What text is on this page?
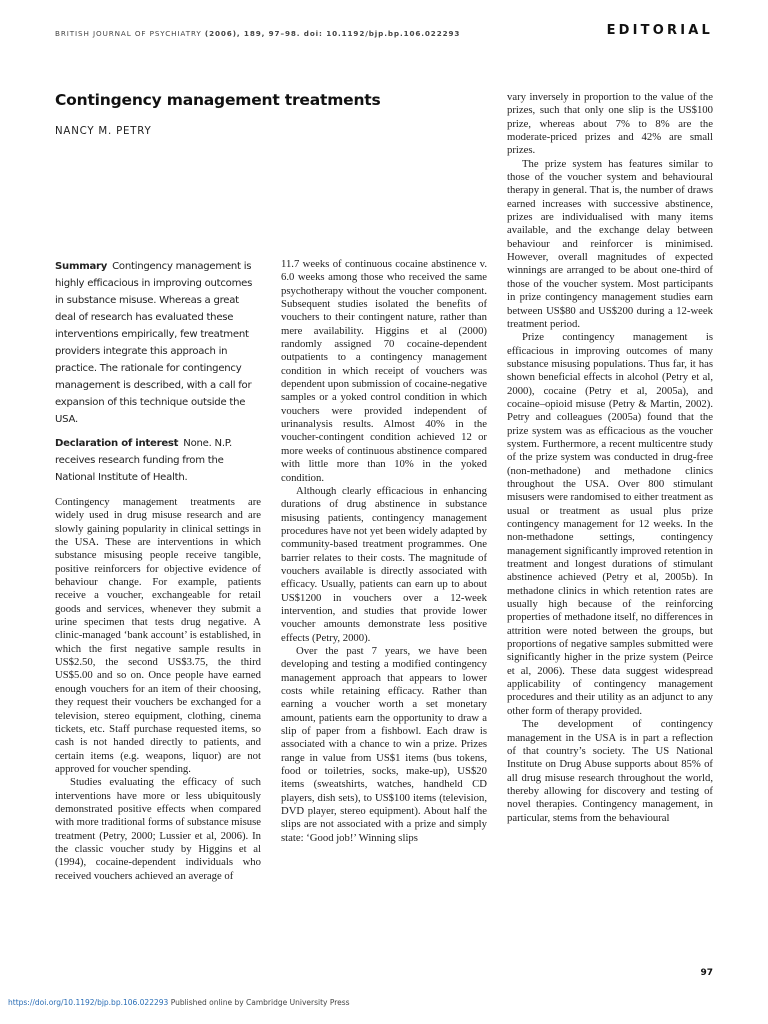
BRITISH JOURNAL OF PSYCHIATRY (2006), 189, 97–98. doi: 10.1192/bjp.bp.106.022293	EDITORIAL
Contingency management treatments
NANCY M. PETRY
Summary Contingency management is highly efficacious in improving outcomes in substance misuse. Whereas a great deal of research has evaluated these interventions empirically, few treatment providers integrate this approach in practice. The rationale for contingency management is described, with a call for expansion of this technique outside the USA.
Declaration of interest None. N.P. receives research funding from the National Institute of Health.

Contingency management treatments are widely used in drug misuse research and are slowly gaining popularity in clinical settings in the USA. These are interventions in which substance misusing people receive tangible, positive reinforcers for objective evidence of behaviour change. For example, patients receive a voucher, exchangeable for retail goods and services, whenever they submit a urine specimen that tests drug negative. A clinic-managed ‘bank account’ is established, in which the first negative sample results in US$2.50, the second US$3.75, the third US$5.00 and so on. Once people have earned enough vouchers for an item of their choosing, they request their vouchers be exchanged for a television, stereo equipment, clothing, cinema tickets, etc. Staff purchase requested items, so cash is not handed directly to patients, and certain items (e.g. weapons, liquor) are not approved for voucher spending.

Studies evaluating the efficacy of such interventions have more or less ubiquitously demonstrated positive effects when compared with more traditional forms of substance misuse treatment (Petry, 2000; Lussier et al, 2006). In the classic voucher study by Higgins et al (1994), cocaine-dependent individuals who received vouchers achieved an average of

11.7 weeks of continuous cocaine abstinence v. 6.0 weeks among those who received the same psychotherapy without the voucher component. Subsequent studies isolated the benefits of vouchers to their contingent nature, rather than mere availability. Higgins et al (2000) randomly assigned 70 cocaine-dependent outpatients to a contingency management condition in which receipt of vouchers was dependent upon submission of cocaine-negative samples or a yoked control condition in which vouchers were provided independent of urinanalysis results. Almost 40% in the voucher-contingent condition achieved 12 or more weeks of continuous abstinence compared with little more than 10% in the yoked condition.

Although clearly efficacious in enhancing durations of drug abstinence in substance misusing patients, contingency management procedures have not yet been widely adapted by community-based treatment programmes. One barrier relates to their costs. The magnitude of vouchers available is directly associated with efficacy. Usually, patients can earn up to about US$1200 in vouchers over a 12-week intervention, and studies that provide lower voucher amounts demonstrate less positive effects (Petry, 2000).

Over the past 7 years, we have been developing and testing a modified contingency management approach that appears to lower costs while retaining efficacy. Rather than earning a voucher worth a set monetary amount, patients earn the opportunity to draw a slip of paper from a fishbowl. Each draw is associated with a chance to win a prize. Prizes range in value from US$1 items (bus tokens, food or toiletries, socks, make-up), US$20 items (sweatshirts, watches, handheld CD players, dish sets), to US$100 items (television, DVD player, stereo equipment). About half the slips are not associated with a prize and simply state: ‘Good job!’ Winning slips

vary inversely in proportion to the value of the prizes, such that only one slip is the US$100 prize, whereas about 7% to 8% are the moderate-priced prizes and 42% are small prizes.

The prize system has features similar to those of the voucher system and behavioural therapy in general. That is, the number of draws earned increases with successive abstinence, prizes are individualised with many items available, and the exchange delay between behaviour and reinforcer is minimised. However, overall magnitudes of expected winnings are arranged to be about one-third of those of the voucher system. Most participants in prize contingency management studies earn between US$80 and US$200 during a 12-week treatment period.

Prize contingency management is efficacious in improving outcomes of many substance misusing populations. Thus far, it has shown beneficial effects in alcohol (Petry et al, 2000), cocaine (Petry et al, 2005a), and cocaine–opioid misuse (Petry & Martin, 2002). Petry and colleagues (2005a) found that the prize system was as efficacious as the voucher system. Furthermore, a recent multicentre study of the prize system was conducted in drug-free (non-methadone) and methadone clinics throughout the USA. Over 800 stimulant misusers were randomised to either treatment as usual or treatment as usual plus prize contingency management for 12 weeks. In the non-methadone settings, contingency management significantly improved retention in treatment and longest durations of stimulant abstinence achieved (Petry et al, 2005b). In methadone clinics in which retention rates are usually high because of the reinforcing properties of methadone itself, no differences in attrition were noted between the groups, but proportions of negative samples submitted were significantly higher in the prize system (Peirce et al, 2006). These data suggest widespread applicability of contingency management procedures and their utility as an adjunct to any other form of therapy provided.

The development of contingency management in the USA is in part a reflection of that country’s society. The US National Institute on Drug Abuse supports about 85% of all drug misuse research throughout the world, thereby allowing for discovery and testing of novel therapies. Contingency management, in particular, stems from the behavioural

97
https://doi.org/10.1192/bjp.bp.106.022293 Published online by Cambridge University Press
